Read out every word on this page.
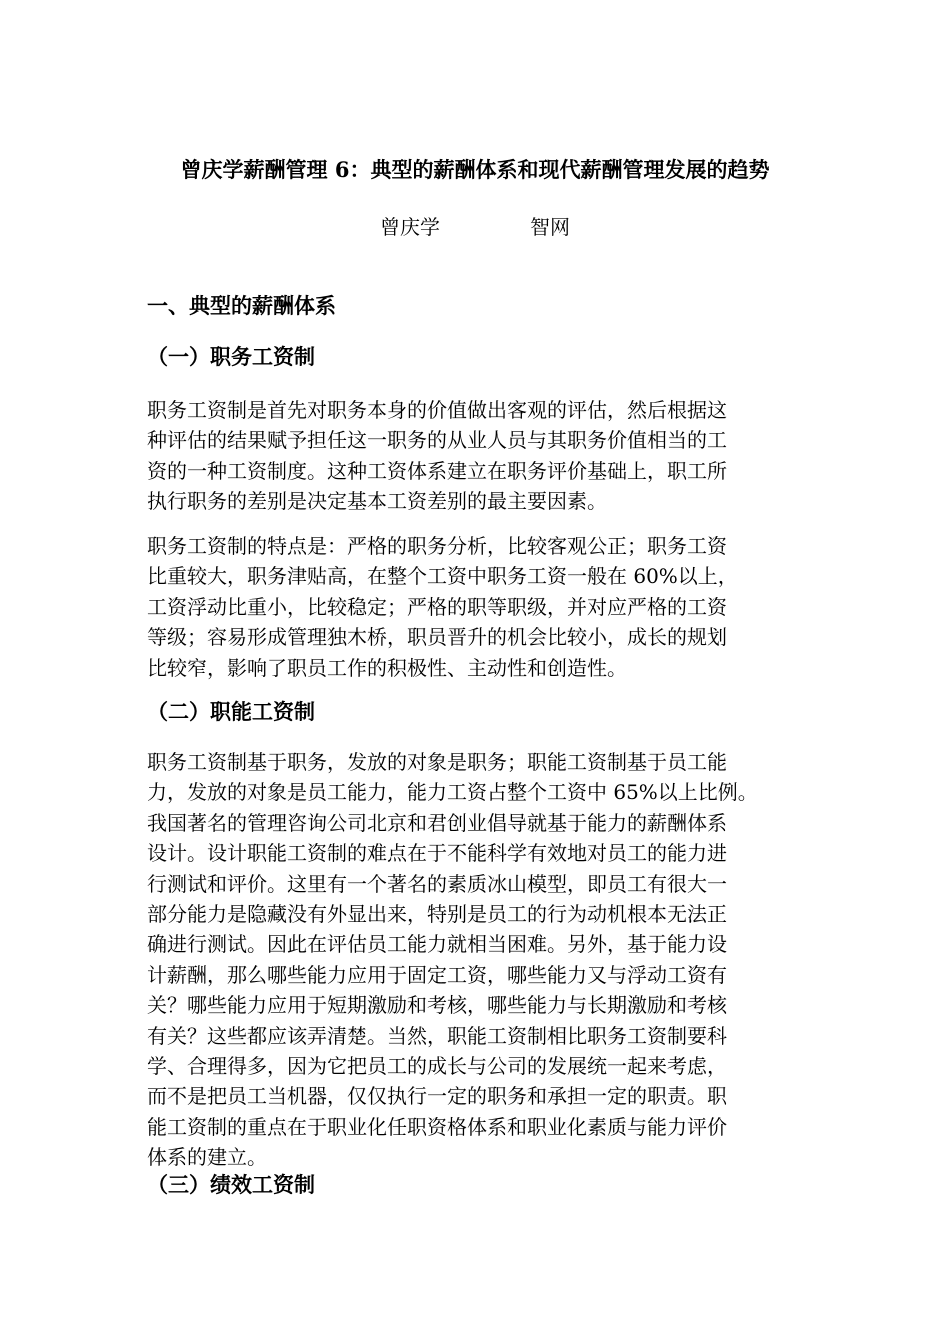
曾庆学薪酬管理 6：典型的薪酬体系和现代薪酬管理发展的趋势
曾庆学	智网
一、典型的薪酬体系
（一）职务工资制
职务工资制是首先对职务本身的价值做出客观的评估，然后根据这
种评估的结果赋予担任这一职务的从业人员与其职务价值相当的工
资的一种工资制度。这种工资体系建立在职务评价基础上，职工所
执行职务的差别是决定基本工资差别的最主要因素。
职务工资制的特点是：严格的职务分析，比较客观公正；职务工资
比重较大，职务津贴高，在整个工资中职务工资一般在 60%以上，
工资浮动比重小，比较稳定；严格的职等职级，并对应严格的工资
等级；容易形成管理独木桥，职员晋升的机会比较小，成长的规划
比较窄，影响了职员工作的积极性、主动性和创造性。
（二）职能工资制
职务工资制基于职务，发放的对象是职务；职能工资制基于员工能
力，发放的对象是员工能力，能力工资占整个工资中 65%以上比例。
我国著名的管理咨询公司北京和君创业倡导就基于能力的薪酬体系
设计。设计职能工资制的难点在于不能科学有效地对员工的能力进
行测试和评价。这里有一个著名的素质冰山模型，即员工有很大一
部分能力是隐藏没有外显出来，特别是员工的行为动机根本无法正
确进行测试。因此在评估员工能力就相当困难。另外，基于能力设
计薪酬，那么哪些能力应用于固定工资，哪些能力又与浮动工资有
关？哪些能力应用于短期激励和考核，哪些能力与长期激励和考核
有关？这些都应该弄清楚。当然，职能工资制相比职务工资制要科
学、合理得多，因为它把员工的成长与公司的发展统一起来考虑，
而不是把员工当机器，仅仅执行一定的职务和承担一定的职责。职
能工资制的重点在于职业化任职资格体系和职业化素质与能力评价
体系的建立。
（三）绩效工资制
